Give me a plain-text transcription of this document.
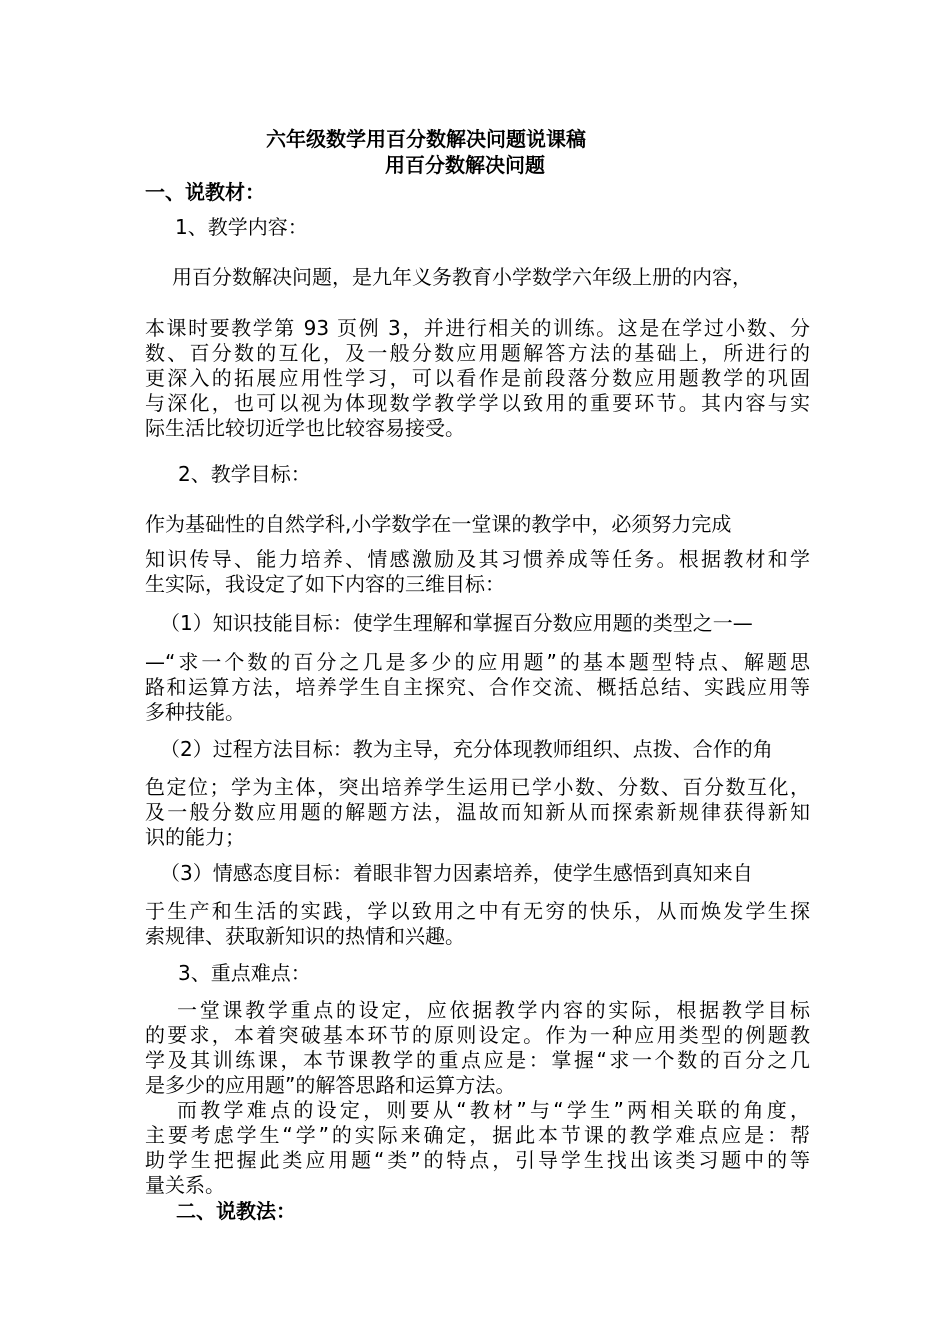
六年级数学用百分数解决问题说课稿
用百分数解决问题
一、说教材：
1、教学内容：
用百分数解决问题，是九年义务教育小学数学六年级上册的内容，
本课时要教学第 93 页例 3，并进行相关的训练。这是在学过小数、分
数、百分数的互化，及一般分数应用题解答方法的基础上，所进行的
更深入的拓展应用性学习，可以看作是前段落分数应用题教学的巩固
与深化，也可以视为体现数学教学学以致用的重要环节。其内容与实
际生活比较切近学也比较容易接受。
2、教学目标：
作为基础性的自然学科,小学数学在一堂课的教学中，必须努力完成
知识传导、能力培养、情感激励及其习惯养成等任务。根据教材和学
生实际，我设定了如下内容的三维目标：
（1）知识技能目标：使学生理解和掌握百分数应用题的类型之一—
—“求一个数的百分之几是多少的应用题”的基本题型特点、解题思
路和运算方法，培养学生自主探究、合作交流、概括总结、实践应用等
多种技能。
（2）过程方法目标：教为主导，充分体现教师组织、点拨、合作的角
色定位；学为主体，突出培养学生运用已学小数、分数、百分数互化，
及一般分数应用题的解题方法，温故而知新从而探索新规律获得新知
识的能力；
（3）情感态度目标：着眼非智力因素培养，使学生感悟到真知来自
于生产和生活的实践，学以致用之中有无穷的快乐，从而焕发学生探
索规律、获取新知识的热情和兴趣。
3、重点难点：
一堂课教学重点的设定，应依据教学内容的实际，根据教学目标
的要求，本着突破基本环节的原则设定。作为一种应用类型的例题教
学及其训练课，本节课教学的重点应是：掌握“求一个数的百分之几
是多少的应用题”的解答思路和运算方法。
而教学难点的设定，则要从“教材”与“学生”两相关联的角度，
主要考虑学生“学”的实际来确定，据此本节课的教学难点应是：帮
助学生把握此类应用题“类”的特点，引导学生找出该类习题中的等
量关系。
二、说教法：
